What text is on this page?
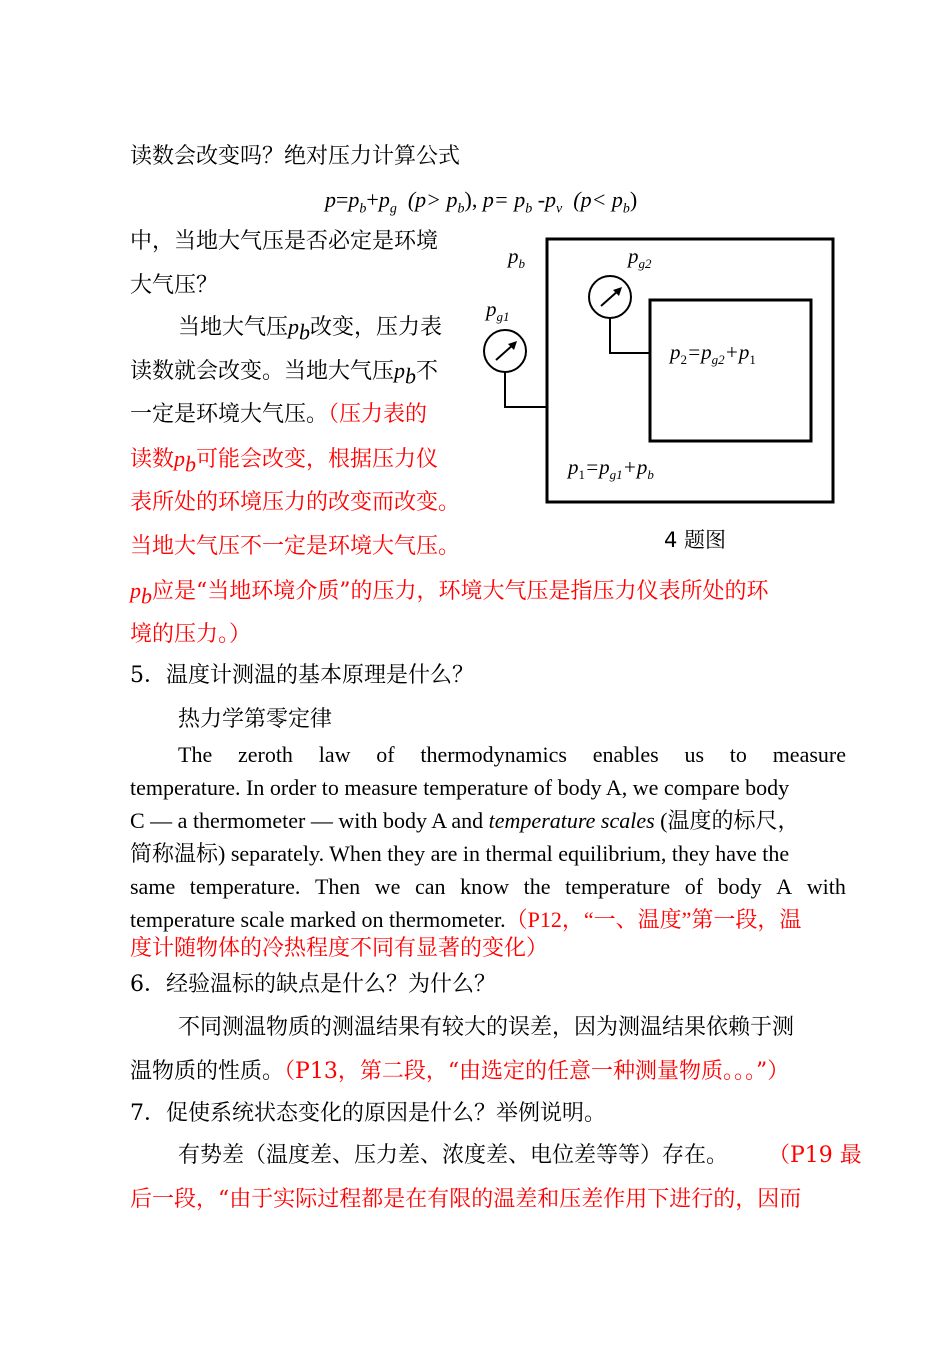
读数会改变吗？绝对压力计算公式
$p=p_b+p_g$ $(p> p_b)$, $p= p_b$ $-p_v$ $(p< p_b)$
中，当地大气压是否必定是环境
大气压？
当地大气压$p_b$改变，压力表
读数就会改变。当地大气压$p_b$不
一定是环境大气压。（压力表的
读数$p_b$可能会改变，根据压力仪
表所处的环境压力的改变而改变。
当地大气压不一定是环境大气压。
$p_b$应是“当地环境介质”的压力，环境大气压是指压力仪表所处的环
境的压力。）
$p_b$	$p_{g2}$
$p_{g1}$
$p_2=p_{g2}+p_1$
$p_1=p_{g1}+p_b$
4 题图
5．温度计测温的基本原理是什么？
热力学第零定律
The zeroth law of thermodynamics enables us to measure
temperature. In order to measure temperature of body A, we compare body
C — a thermometer — with body A and temperature scales (温度的标尺，
简称温标) separately. When they are in thermal equilibrium, they have the
same temperature. Then we can know the temperature of body A with
temperature scale marked on thermometer.（P12，“一、温度”第一段，温
度计随物体的冷热程度不同有显著的变化）
6．经验温标的缺点是什么？为什么？
不同测温物质的测温结果有较大的误差，因为测温结果依赖于测
温物质的性质。（P13，第二段，“由选定的任意一种测量物质。。。”）
7．促使系统状态变化的原因是什么？举例说明。
有势差（温度差、压力差、浓度差、电位差等等）存在。 （P19 最
后一段，“由于实际过程都是在有限的温差和压差作用下进行的，因而
